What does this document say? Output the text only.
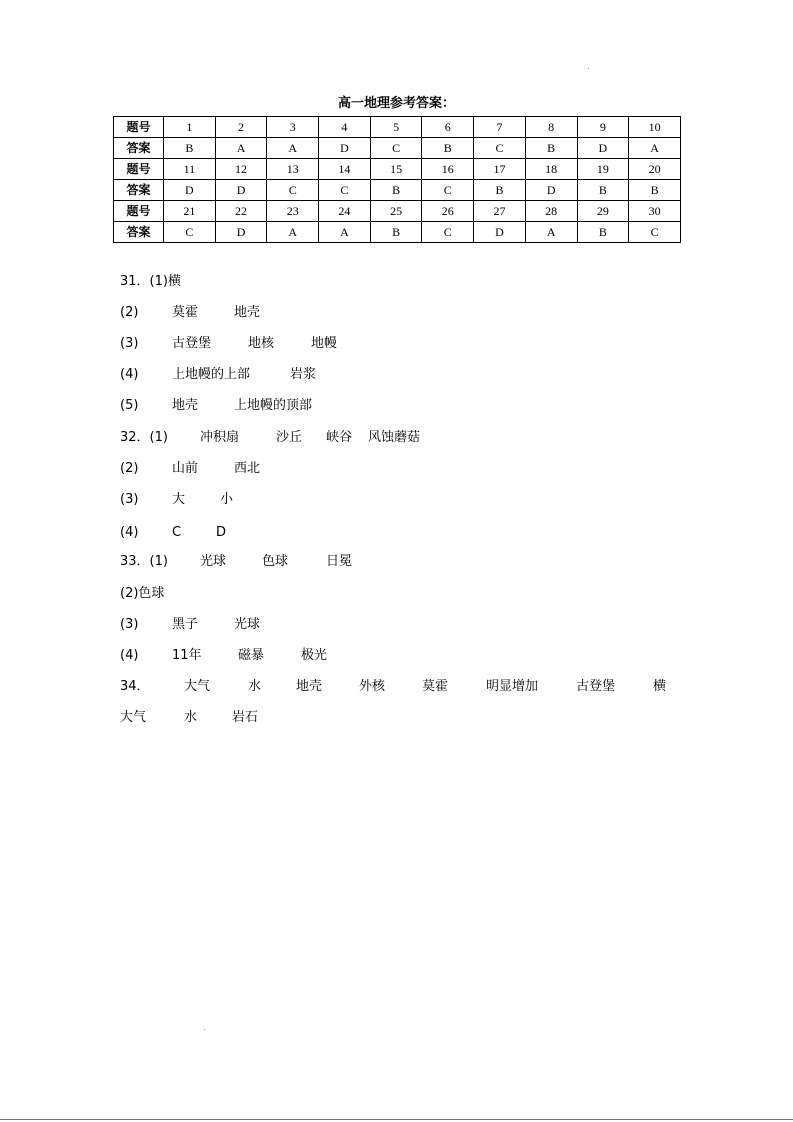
高一地理参考答案：
题号	1	2	3	4	5	6	7	8	9	10
答案	B	A	A	D	C	B	C	B	D	A
题号	11	12	13	14	15	16	17	18	19	20
答案	D	D	C	C	B	C	B	D	B	B
题号	21	22	23	24	25	26	27	28	29	30
答案	C	D	A	A	B	C	D	A	B	C
31．(1)横
(2)	莫霍	地壳
(3)	古登堡	地核	地幔
(4)	上地幔的上部	岩浆
(5)	地壳	上地幔的顶部
32．(1) 冲积扇	沙丘 峡谷 风蚀蘑菇
(2)	山前	西北
(3)	大	小
(4)	C	D
33．(1) 光球	色球	日冕
(2)色球
(3)	黑子	光球
(4)	11年	磁暴	极光
34．	大气	水	地壳	外核	莫霍	明显增加	古登堡	横
大气	水	岩石
